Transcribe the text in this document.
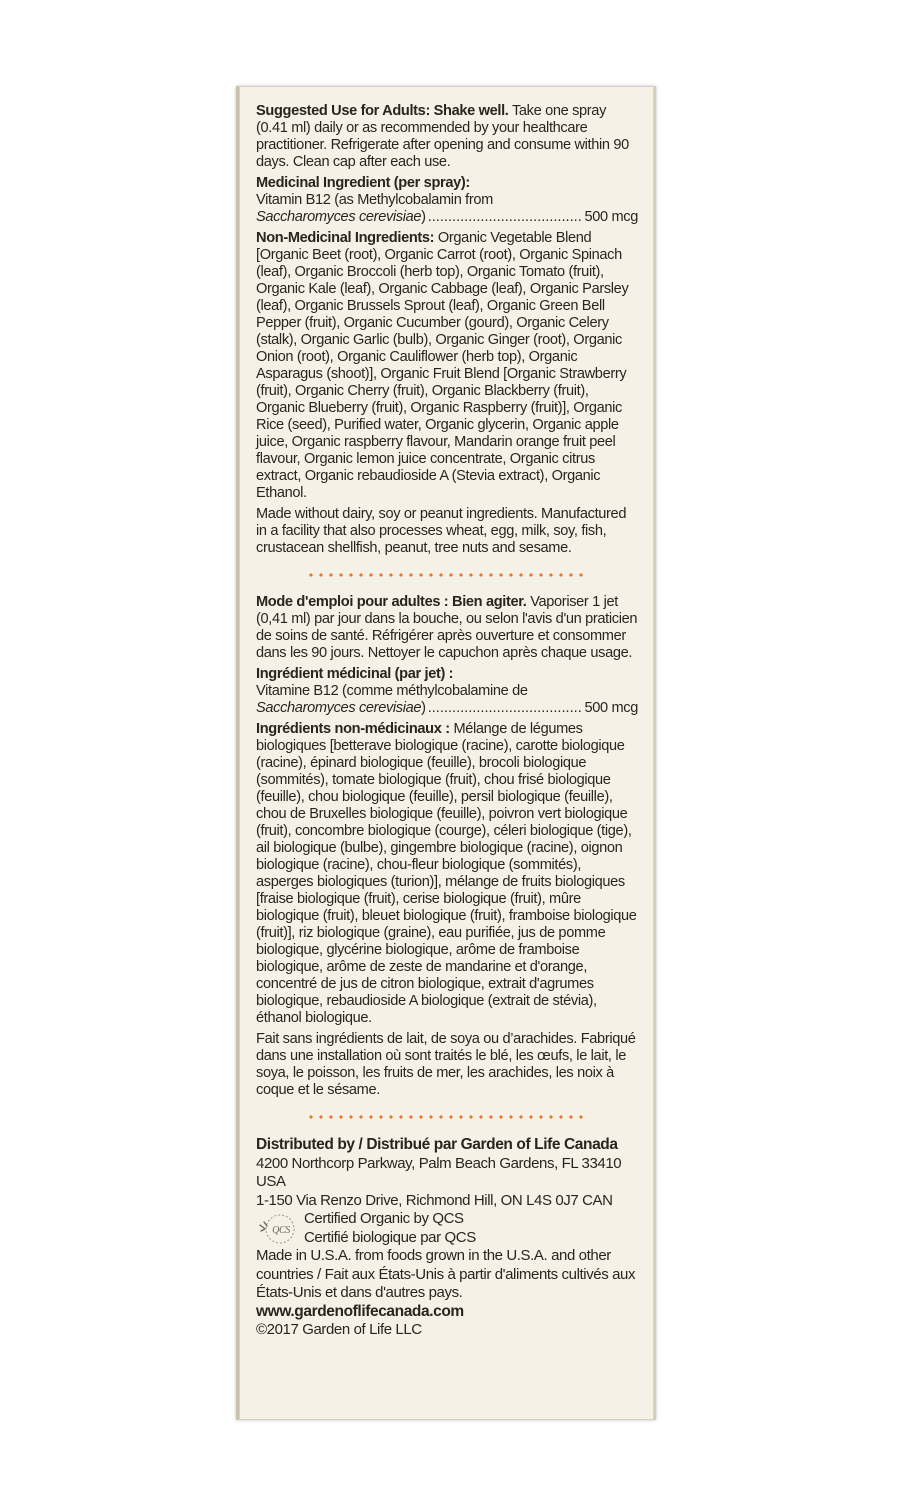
Suggested Use for Adults: Shake well. Take one spray (0.41 ml) daily or as recommended by your healthcare practitioner. Refrigerate after opening and consume within 90 days. Clean cap after each use.
Medicinal Ingredient (per spray):
Vitamin B12 (as Methylcobalamin from
Saccharomyces cerevisiae) .....	500 mcg
Non-Medicinal Ingredients: Organic Vegetable Blend [Organic Beet (root), Organic Carrot (root), Organic Spinach (leaf), Organic Broccoli (herb top), Organic Tomato (fruit), Organic Kale (leaf), Organic Cabbage (leaf), Organic Parsley (leaf), Organic Brussels Sprout (leaf), Organic Green Bell Pepper (fruit), Organic Cucumber (gourd), Organic Celery (stalk), Organic Garlic (bulb), Organic Ginger (root), Organic Onion (root), Organic Cauliflower (herb top), Organic Asparagus (shoot)], Organic Fruit Blend [Organic Strawberry (fruit), Organic Cherry (fruit), Organic Blackberry (fruit), Organic Blueberry (fruit), Organic Raspberry (fruit)], Organic Rice (seed), Purified water, Organic glycerin, Organic apple juice, Organic raspberry flavour, Mandarin orange fruit peel flavour, Organic lemon juice concentrate, Organic citrus extract, Organic rebaudioside A (Stevia extract), Organic Ethanol.
Made without dairy, soy or peanut ingredients. Manufactured in a facility that also processes wheat, egg, milk, soy, fish, crustacean shellfish, peanut, tree nuts and sesame.
Mode d'emploi pour adultes : Bien agiter. Vaporiser 1 jet (0,41 ml) par jour dans la bouche, ou selon l'avis d'un praticien de soins de santé. Réfrigérer après ouverture et consommer dans les 90 jours. Nettoyer le capuchon après chaque usage.
Ingrédient médicinal (par jet) :
Vitamine B12 (comme méthylcobalamine de
Saccharomyces cerevisiae) .....	500 mcg
Ingrédients non-médicinaux : Mélange de légumes biologiques [betterave biologique (racine), carotte biologique (racine), épinard biologique (feuille), brocoli biologique (sommités), tomate biologique (fruit), chou frisé biologique (feuille), chou biologique (feuille), persil biologique (feuille), chou de Bruxelles biologique (feuille), poivron vert biologique (fruit), concombre biologique (courge), céleri biologique (tige), ail biologique (bulbe), gingembre biologique (racine), oignon biologique (racine), chou-fleur biologique (sommités), asperges biologiques (turion)], mélange de fruits biologiques [fraise biologique (fruit), cerise biologique (fruit), mûre biologique (fruit), bleuet biologique (fruit), framboise biologique (fruit)], riz biologique (graine), eau purifiée, jus de pomme biologique, glycérine biologique, arôme de framboise biologique, arôme de zeste de mandarine et d'orange, concentré de jus de citron biologique, extrait d'agrumes biologique, rebaudioside A biologique (extrait de stévia), éthanol biologique.
Fait sans ingrédients de lait, de soya ou d’arachides. Fabriqué dans une installation où sont traités le blé, les œufs, le lait, le soya, le poisson, les fruits de mer, les arachides, les noix à coque et le sésame.
Distributed by / Distribué par Garden of Life Canada
4200 Northcorp Parkway, Palm Beach Gardens, FL 33410 USA
1-150 Via Renzo Drive, Richmond Hill, ON L4S 0J7 CAN
QCS
Certified Organic by QCS
Certifié biologique par QCS
Made in U.S.A. from foods grown in the U.S.A. and other countries / Fait aux États-Unis à partir d'aliments cultivés aux États-Unis et dans d'autres pays.
www.gardenoflifecanada.com
©2017 Garden of Life LLC
